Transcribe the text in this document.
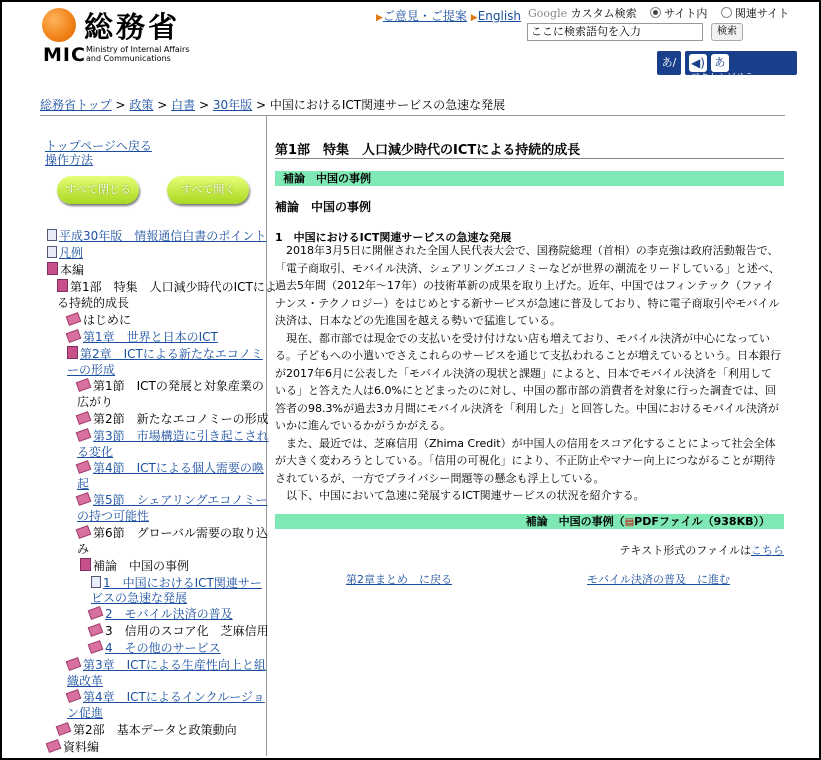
総務省
MIC Ministry of Internal Affairs
and Communications
▶ご意見・ご提案 ▶English Google カスタム検索	サイト内	関連サイト
ここに検索語句を入力	検索
あ/あ
◀) あ アクセシビリティ
閲覧支援ツール
総務省トップ > 政策 > 白書 > 30年版 > 中国におけるICT関連サービスの急速な発展
トップページへ戻る
操作方法
すべて閉じる	すべて開く
平成30年版　情報通信白書のポイント
凡例
本編
第1部　特集　人口減少時代のICTによ
る持続的成長
はじめに
第1章　世界と日本のICT
第2章　ICTによる新たなエコノミ
ーの形成
第1節　ICTの発展と対象産業の
広がり
第2節　新たなエコノミーの形成
第3節　市場構造に引き起こされ
る変化
第4節　ICTによる個人需要の喚
起
第5節　シェアリングエコノミー
の持つ可能性
第6節　グローバル需要の取り込
み
補論　中国の事例
1　中国におけるICT関連サー
ビスの急速な発展
2　モバイル決済の普及
3　信用のスコア化　芝麻信用
4　その他のサービス
第3章　ICTによる生産性向上と組
織改革
第4章　ICTによるインクルージョ
ン促進
第2部　基本データと政策動向
資料編
第1部　特集　人口減少時代のICTによる持続的成長
補論　中国の事例
補論　中国の事例
1　中国におけるICT関連サービスの急速な発展
　2018年3月5日に開催された全国人民代表大会で、国務院総理（首相）の李克強は政府活動報告で、
「電子商取引、モバイル決済、シェアリングエコノミーなどが世界の潮流をリードしている」と述べ、
過去5年間（2012年〜17年）の技術革新の成果を取り上げた。近年、中国ではフィンテック（ファイ
ナンス・テクノロジー）をはじめとする新サービスが急速に普及しており、特に電子商取引やモバイル
決済は、日本などの先進国を越える勢いで猛進している。
　現在、都市部では現金での支払いを受け付けない店も増えており、モバイル決済が中心になってい
る。子どもへの小遣いでさえこれらのサービスを通じて支払われることが増えているという。日本銀行
が2017年6月に公表した「モバイル決済の現状と課題」によると、日本でモバイル決済を「利用して
いる」と答えた人は6.0%にとどまったのに対し、中国の都市部の消費者を対象に行った調査では、回
答者の98.3%が過去3カ月間にモバイル決済を「利用した」と回答した。中国におけるモバイル決済が
いかに進んでいるかがうかがえる。
　また、最近では、芝麻信用（Zhima Credit）が中国人の信用をスコア化することによって社会全体
が大きく変わろうとしている。「信用の可視化」により、不正防止やマナー向上につながることが期待
されているが、一方でプライバシー問題等の懸念も浮上している。
　以下、中国において急速に発展するICT関連サービスの状況を紹介する。
補論　中国の事例（▤PDFファイル（938KB））
テキスト形式のファイルはこちら
第2章まとめ　に戻る	モバイル決済の普及　に進む
